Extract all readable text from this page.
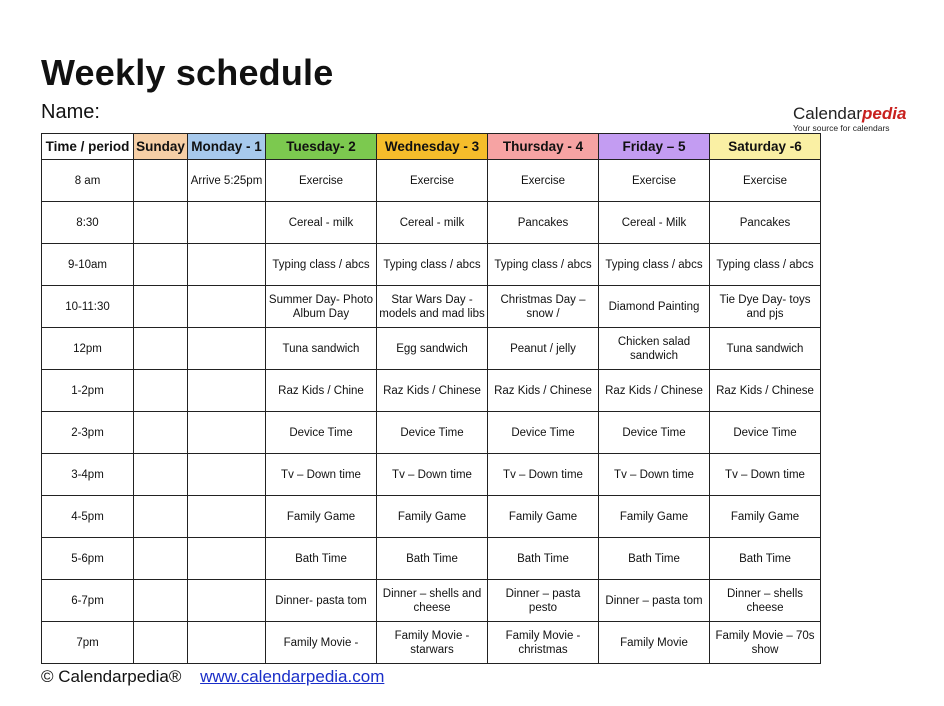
Weekly schedule
Name:	Calendarpedia
Your source for calendars
Time / period	Sunday	Monday - 1	Tuesday- 2	Wednesday - 3	Thursday - 4	Friday – 5	Saturday -6
8 am		Arrive 5:25pm	Exercise	Exercise	Exercise	Exercise	Exercise
8:30			Cereal - milk	Cereal - milk	Pancakes	Cereal - Milk	Pancakes
9-10am			Typing class / abcs	Typing class / abcs	Typing class / abcs	Typing class / abcs	Typing class / abcs
10-11:30			Summer Day- Photo Album Day	Star Wars Day - models and mad libs	Christmas Day – snow /	Diamond Painting	Tie Dye Day- toys and pjs
12pm			Tuna sandwich	Egg sandwich	Peanut / jelly	Chicken salad sandwich	Tuna sandwich
1-2pm			Raz Kids / Chine	Raz Kids / Chinese	Raz Kids / Chinese	Raz Kids / Chinese	Raz Kids / Chinese
2-3pm			Device Time	Device Time	Device Time	Device Time	Device Time
3-4pm			Tv – Down time	Tv – Down time	Tv – Down time	Tv – Down time	Tv – Down time
4-5pm			Family Game	Family Game	Family Game	Family Game	Family Game
5-6pm			Bath Time	Bath Time	Bath Time	Bath Time	Bath Time
6-7pm			Dinner- pasta tom	Dinner – shells and cheese	Dinner – pasta pesto	Dinner – pasta tom	Dinner – shells cheese
7pm			Family Movie -	Family Movie - starwars	Family Movie - christmas	Family Movie	Family Movie – 70s show
© Calendarpedia® www.calendarpedia.com
